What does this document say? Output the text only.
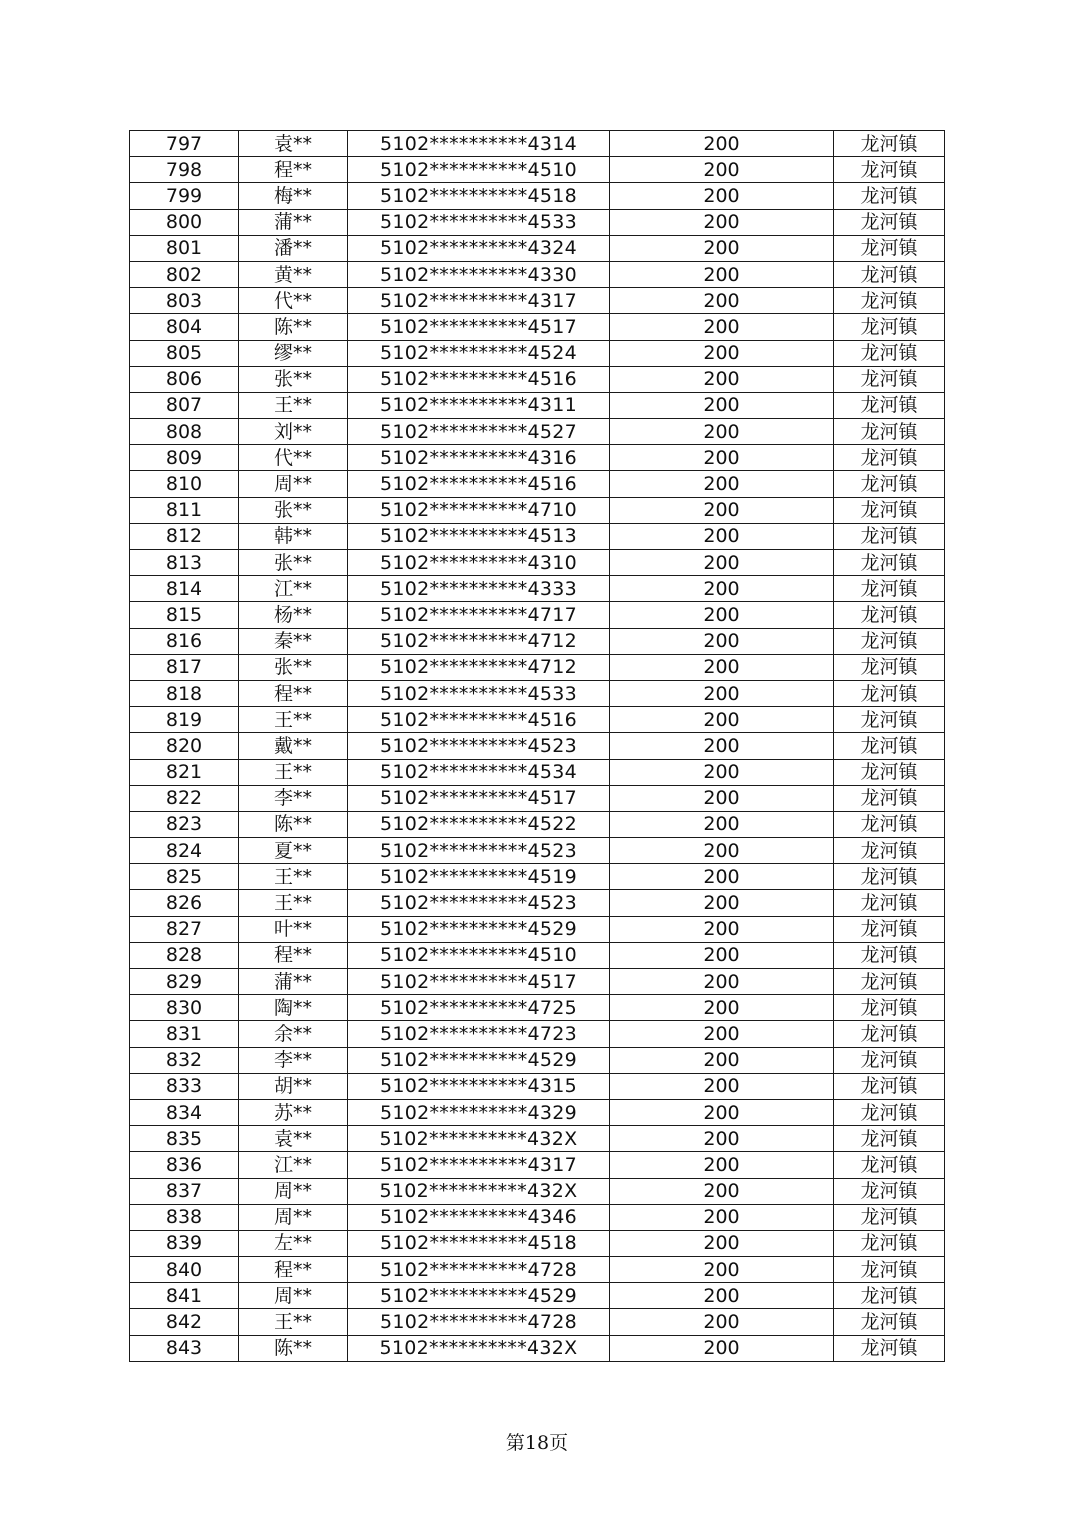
797	袁**	5102**********4314	200	龙河镇
798	程**	5102**********4510	200	龙河镇
799	梅**	5102**********4518	200	龙河镇
800	蒲**	5102**********4533	200	龙河镇
801	潘**	5102**********4324	200	龙河镇
802	黄**	5102**********4330	200	龙河镇
803	代**	5102**********4317	200	龙河镇
804	陈**	5102**********4517	200	龙河镇
805	缪**	5102**********4524	200	龙河镇
806	张**	5102**********4516	200	龙河镇
807	王**	5102**********4311	200	龙河镇
808	刘**	5102**********4527	200	龙河镇
809	代**	5102**********4316	200	龙河镇
810	周**	5102**********4516	200	龙河镇
811	张**	5102**********4710	200	龙河镇
812	韩**	5102**********4513	200	龙河镇
813	张**	5102**********4310	200	龙河镇
814	江**	5102**********4333	200	龙河镇
815	杨**	5102**********4717	200	龙河镇
816	秦**	5102**********4712	200	龙河镇
817	张**	5102**********4712	200	龙河镇
818	程**	5102**********4533	200	龙河镇
819	王**	5102**********4516	200	龙河镇
820	戴**	5102**********4523	200	龙河镇
821	王**	5102**********4534	200	龙河镇
822	李**	5102**********4517	200	龙河镇
823	陈**	5102**********4522	200	龙河镇
824	夏**	5102**********4523	200	龙河镇
825	王**	5102**********4519	200	龙河镇
826	王**	5102**********4523	200	龙河镇
827	叶**	5102**********4529	200	龙河镇
828	程**	5102**********4510	200	龙河镇
829	蒲**	5102**********4517	200	龙河镇
830	陶**	5102**********4725	200	龙河镇
831	余**	5102**********4723	200	龙河镇
832	李**	5102**********4529	200	龙河镇
833	胡**	5102**********4315	200	龙河镇
834	苏**	5102**********4329	200	龙河镇
835	袁**	5102**********432X	200	龙河镇
836	江**	5102**********4317	200	龙河镇
837	周**	5102**********432X	200	龙河镇
838	周**	5102**********4346	200	龙河镇
839	左**	5102**********4518	200	龙河镇
840	程**	5102**********4728	200	龙河镇
841	周**	5102**********4529	200	龙河镇
842	王**	5102**********4728	200	龙河镇
843	陈**	5102**********432X	200	龙河镇
第18页
